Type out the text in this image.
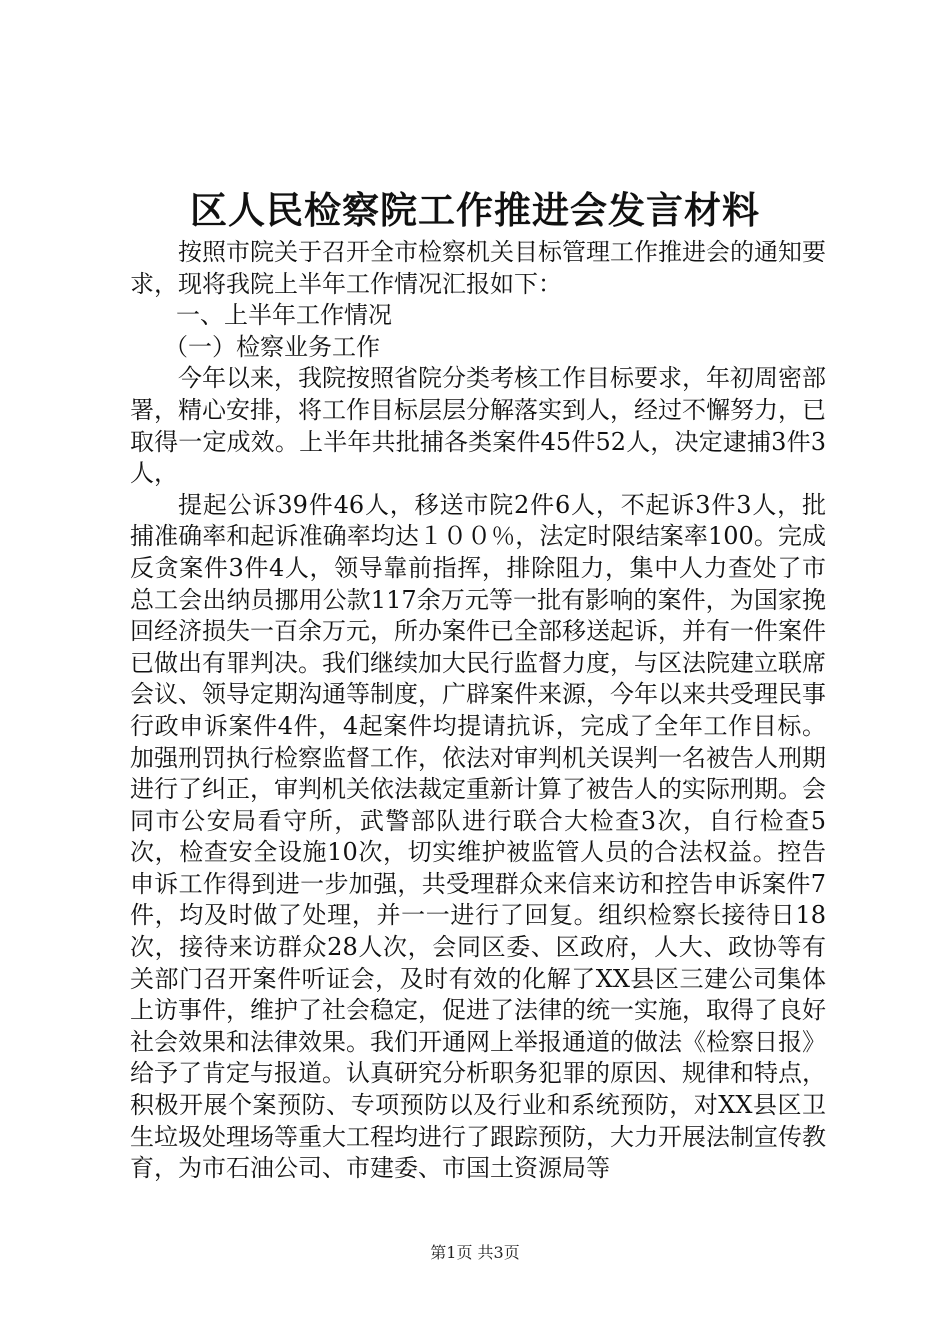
区人民检察院工作推进会发言材料

按照市院关于召开全市检察机关目标管理工作推进会的通知要求，现将我院上半年工作情况汇报如下：

一、上半年工作情况

（一）检察业务工作

今年以来，我院按照省院分类考核工作目标要求，年初周密部署，精心安排，将工作目标层层分解落实到人，经过不懈努力，已取得一定成效。上半年共批捕各类案件45件52人，决定逮捕3件3人，

提起公诉39件46人，移送市院2件6人，不起诉3件3人，批捕准确率和起诉准确率均达１００％，法定时限结案率100。完成反贪案件3件4人，领导靠前指挥，排除阻力，集中人力查处了市总工会出纳员挪用公款117余万元等一批有影响的案件，为国家挽回经济损失一百余万元，所办案件已全部移送起诉，并有一件案件已做出有罪判决。我们继续加大民行监督力度，与区法院建立联席会议、领导定期沟通等制度，广辟案件来源，今年以来共受理民事行政申诉案件4件，4起案件均提请抗诉，完成了全年工作目标。加强刑罚执行检察监督工作，依法对审判机关误判一名被告人刑期进行了纠正，审判机关依法裁定重新计算了被告人的实际刑期。会同市公安局看守所，武警部队进行联合大检查3次，自行检查5次，检查安全设施10次，切实维护被监管人员的合法权益。控告申诉工作得到进一步加强，共受理群众来信来访和控告申诉案件7件，均及时做了处理，并一一进行了回复。组织检察长接待日18次，接待来访群众28人次，会同区委、区政府，人大、政协等有关部门召开案件听证会，及时有效的化解了XX县区三建公司集体上访事件，维护了社会稳定，促进了法律的统一实施，取得了良好社会效果和法律效果。我们开通网上举报通道的做法《检察日报》给予了肯定与报道。认真研究分析职务犯罪的原因、规律和特点，积极开展个案预防、专项预防以及行业和系统预防，对XX县区卫生垃圾处理场等重大工程均进行了跟踪预防，大力开展法制宣传教育，为市石油公司、市建委、市国土资源局等

第1页 共3页
